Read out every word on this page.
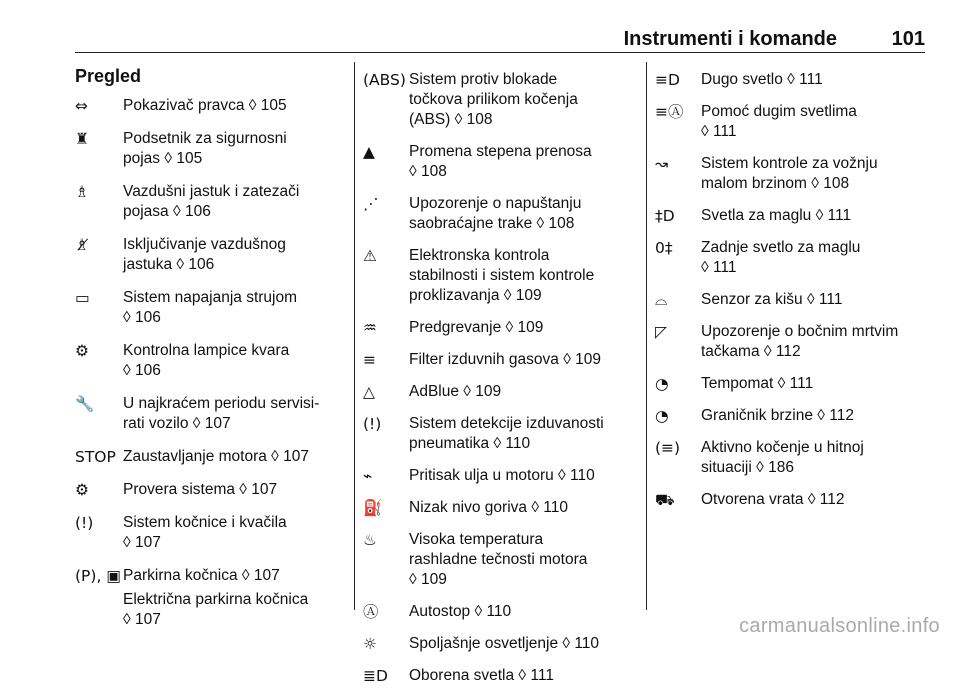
Instrumenti i komande	101
Pregled
⇔	Pokazivač pravca ◊ 105
♜	Podsetnik za sigurnosni
pojas ◊ 105
♗	Vazdušni jastuk i zatezači
pojasa ◊ 106
♗̸	Isključivanje vazdušnog
jastuka ◊ 106
▭	Sistem napajanja strujom
◊ 106
⚙	Kontrolna lampice kvara
◊ 106
🔧	U najkraćem periodu servisi-
rati vozilo ◊ 107
STOP Zaustavljanje motora ◊ 107
⚙	Provera sistema ◊ 107
(!)	Sistem kočnice i kvačila
◊ 107
(P), ▣ Parkirna kočnica ◊ 107
Električna parkirna kočnica
◊ 107
(ABS) Sistem protiv blokade
točkova prilikom kočenja
(ABS) ◊ 108
▲	Promena stepena prenosa
◊ 108
⋰	Upozorenje o napuštanju
saobraćajne trake ◊ 108
⚠	Elektronska kontrola
stabilnosti i sistem kontrole
proklizavanja ◊ 109
♒	Predgrevanje ◊ 109
≡	Filter izduvnih gasova ◊ 109
△	AdBlue ◊ 109
(!)	Sistem detekcije izduvanosti
pneumatika ◊ 110
⌁	Pritisak ulja u motoru ◊ 110
⛽	Nizak nivo goriva ◊ 110
♨	Visoka temperatura
rashladne tečnosti motora
◊ 109
Ⓐ	Autostop ◊ 110
☼	Spoljašnje osvetljenje ◊ 110
≣D	Oborena svetla ◊ 111
≡D	Dugo svetlo ◊ 111
≡Ⓐ	Pomoć dugim svetlima
◊ 111
↝	Sistem kontrole za vožnju
malom brzinom ◊ 108
‡D	Svetla za maglu ◊ 111
0‡	Zadnje svetlo za maglu
◊ 111
⌓	Senzor za kišu ◊ 111
◸	Upozorenje o bočnim mrtvim
tačkama ◊ 112
◔	Tempomat ◊ 111
◔	Graničnik brzine ◊ 112
(≡)	Aktivno kočenje u hitnoj
situaciji ◊ 186
⛟	Otvorena vrata ◊ 112
carmanualsonline.info
